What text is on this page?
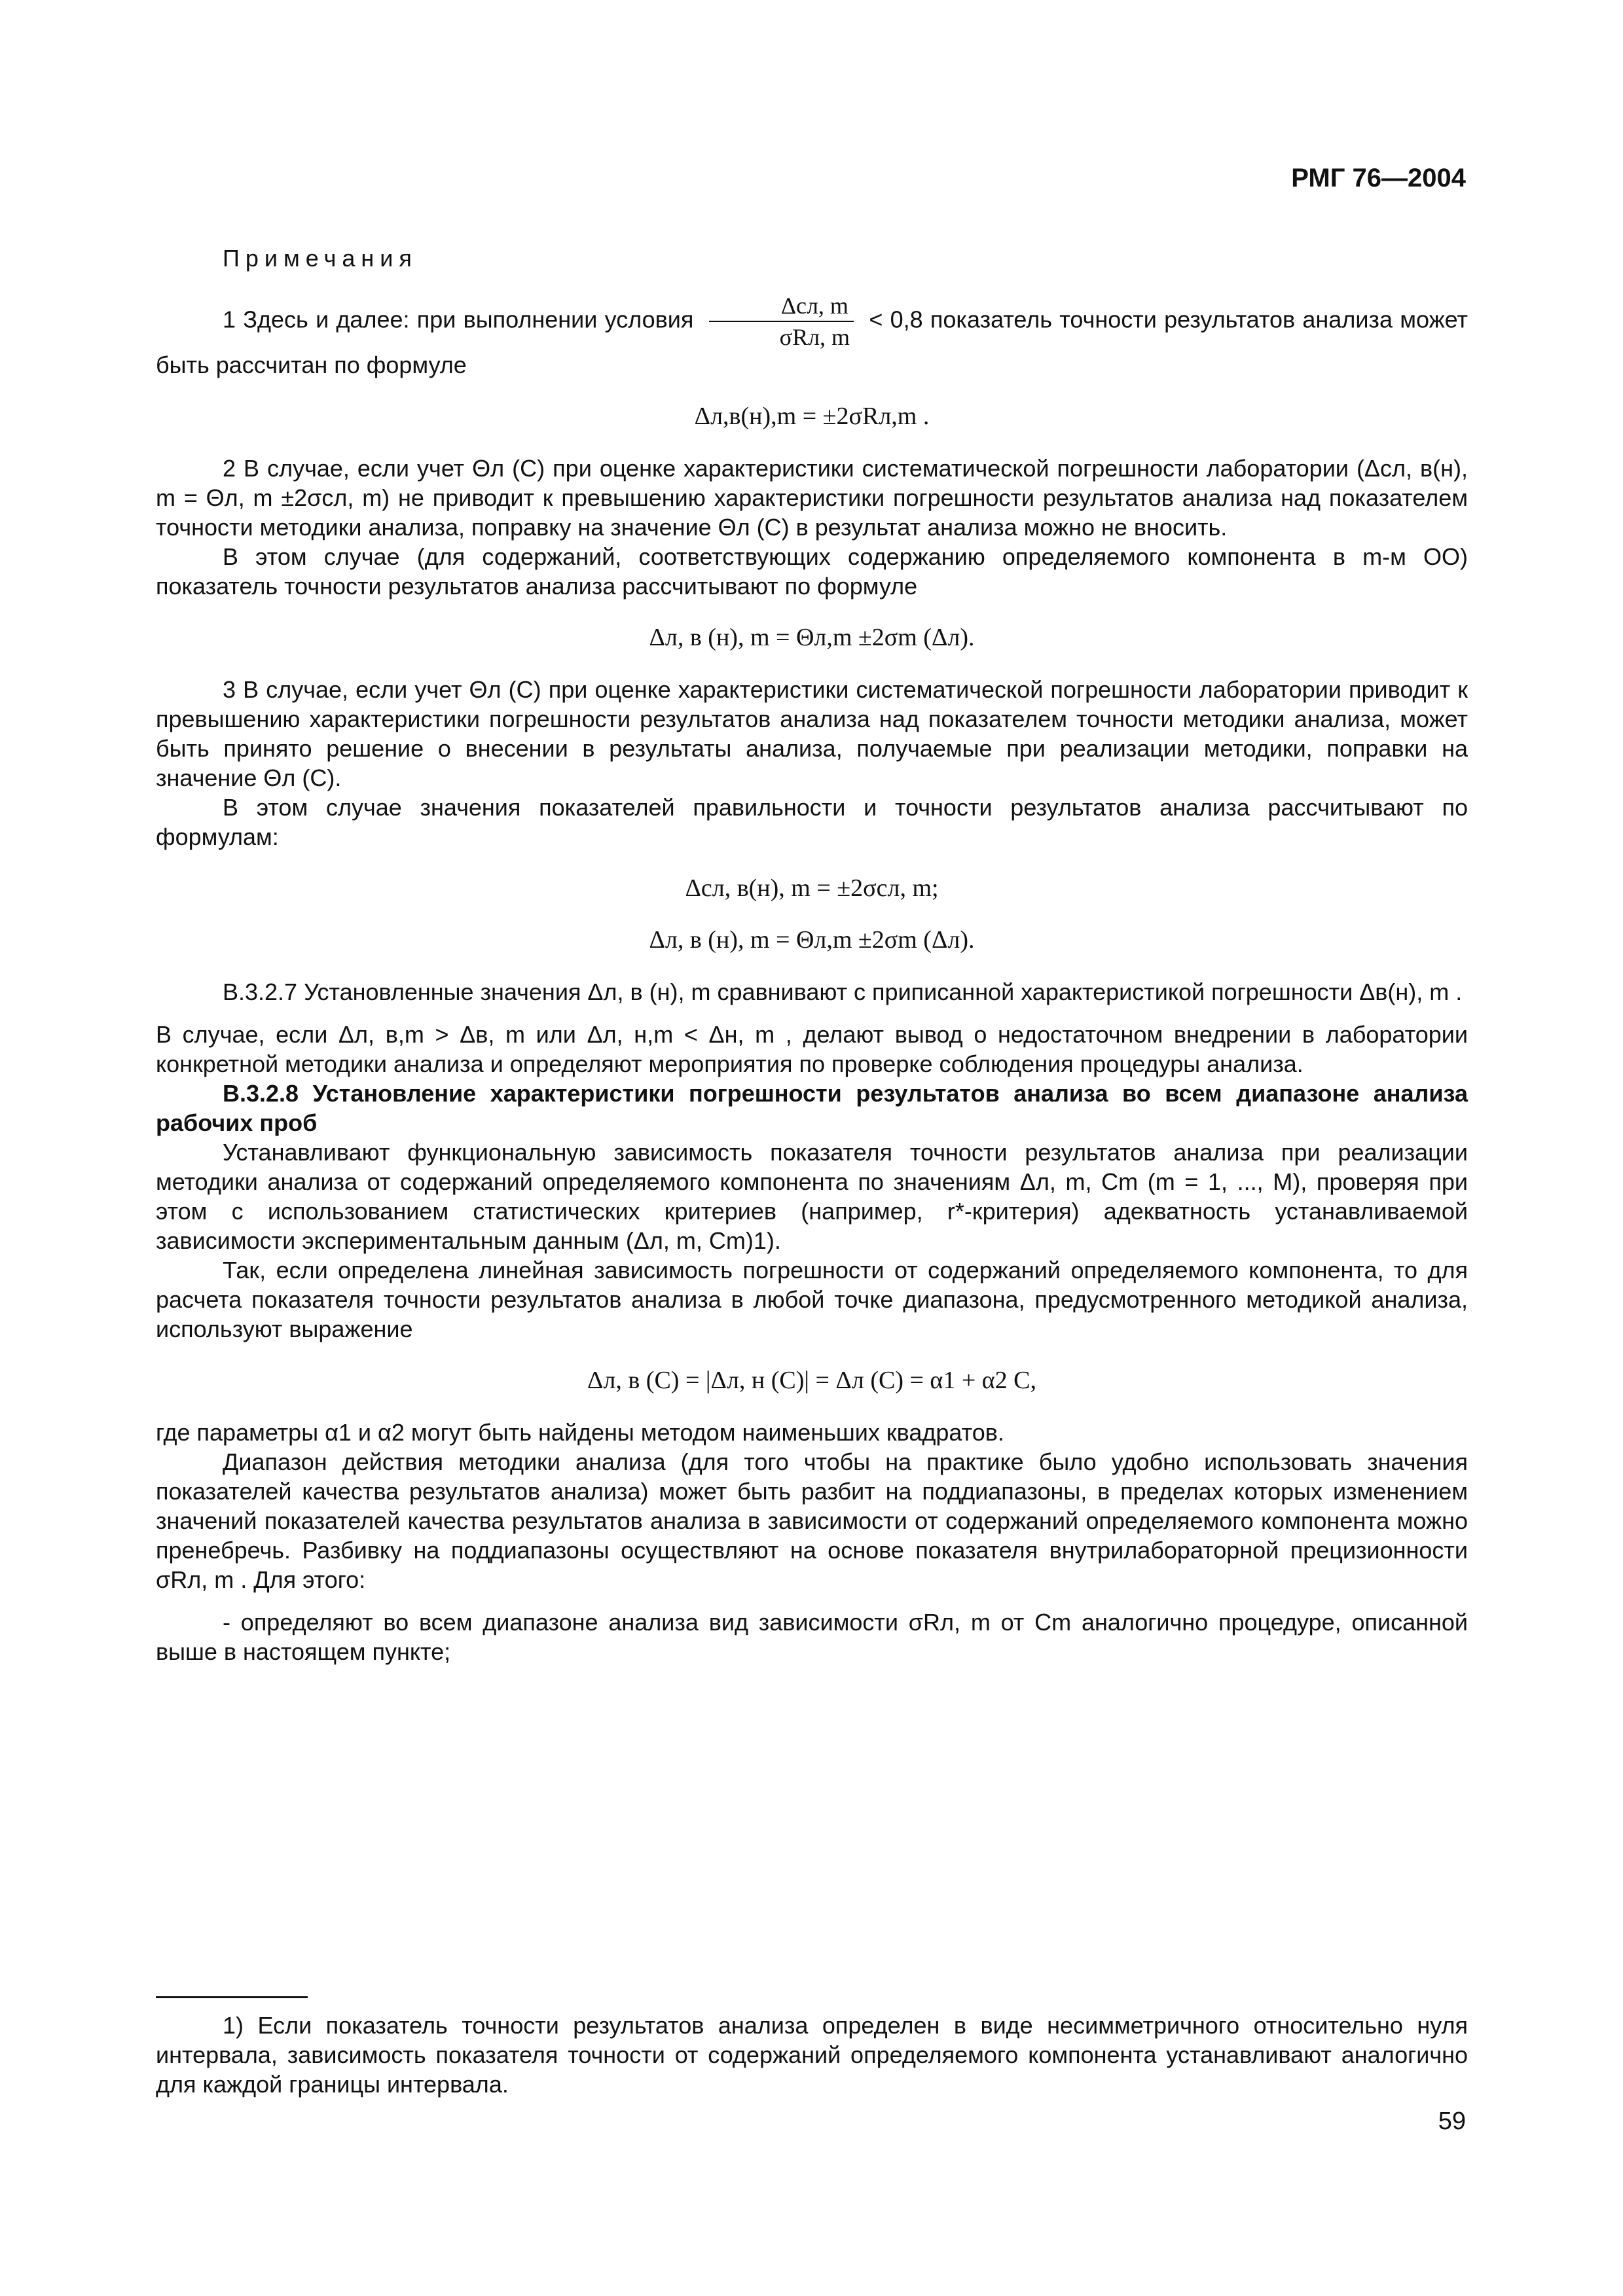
РМГ 76—2004

Примечания

1 Здесь и далее: при выполнении условия $\frac{\text{Δcл, m}}{\text{σRл, m}} < 0,8$ показатель точности результатов анализа может быть рассчитан по формуле

Δл,в(н),m = ±2σRл,m .

2 В случае, если учет Θл (C) при оценке характеристики систематической погрешности лаборатории (Δcл, в(н), m = Θл, m ±2σcл, m) не приводит к превышению характеристики погрешности результатов анализа над показателем точности методики анализа, поправку на значение Θл (C) в результат анализа можно не вносить.

В этом случае (для содержаний, соответствующих содержанию определяемого компонента в m-м ОО) показатель точности результатов анализа рассчитывают по формуле

Δл, в (н), m = Θл,m ±2σm (Δл).

3 В случае, если учет Θл (C) при оценке характеристики систематической погрешности лаборатории приводит к превышению характеристики погрешности результатов анализа над показателем точности методики анализа, может быть принято решение о внесении в результаты анализа, получаемые при реализации методики, поправки на значение Θл (C).

В этом случае значения показателей правильности и точности результатов анализа рассчитывают по формулам:

Δcл, в(н), m = ±2σcл, m;

Δл, в (н), m = Θл,m ±2σm (Δл).

В.3.2.7 Установленные значения Δл, в (н), m сравнивают с приписанной характеристикой погрешности Δв(н), m .

В случае, если Δл, в,m > Δв, m или Δл, н,m < Δн, m , делают вывод о недостаточном внедрении в лаборатории конкретной методики анализа и определяют мероприятия по проверке соблюдения процедуры анализа.

В.3.2.8 Установление характеристики погрешности результатов анализа во всем диапазоне анализа рабочих проб

Устанавливают функциональную зависимость показателя точности результатов анализа при реализации методики анализа от содержаний определяемого компонента по значениям Δл, m, Cm (m = 1, ..., M), проверяя при этом с использованием статистических критериев (например, r*-критерия) адекватность устанавливаемой зависимости экспериментальным данным (Δл, m, Cm)1).

Так, если определена линейная зависимость погрешности от содержаний определяемого компонента, то для расчета показателя точности результатов анализа в любой точке диапазона, предусмотренного методикой анализа, используют выражение

Δл, в (C) = |Δл, н (C)| = Δл (C) = α1 + α2 C,

где параметры α1 и α2 могут быть найдены методом наименьших квадратов.

Диапазон действия методики анализа (для того чтобы на практике было удобно использовать значения показателей качества результатов анализа) может быть разбит на поддиапазоны, в пределах которых изменением значений показателей качества результатов анализа в зависимости от содержаний определяемого компонента можно пренебречь. Разбивку на поддиапазоны осуществляют на основе показателя внутрилабораторной прецизионности σRл, m . Для этого:

- определяют во всем диапазоне анализа вид зависимости σRл, m от Cm аналогично процедуре, описанной выше в настоящем пункте;

1) Если показатель точности результатов анализа определен в виде несимметричного относительно нуля интервала, зависимость показателя точности от содержаний определяемого компонента устанавливают аналогично для каждой границы интервала.

59
